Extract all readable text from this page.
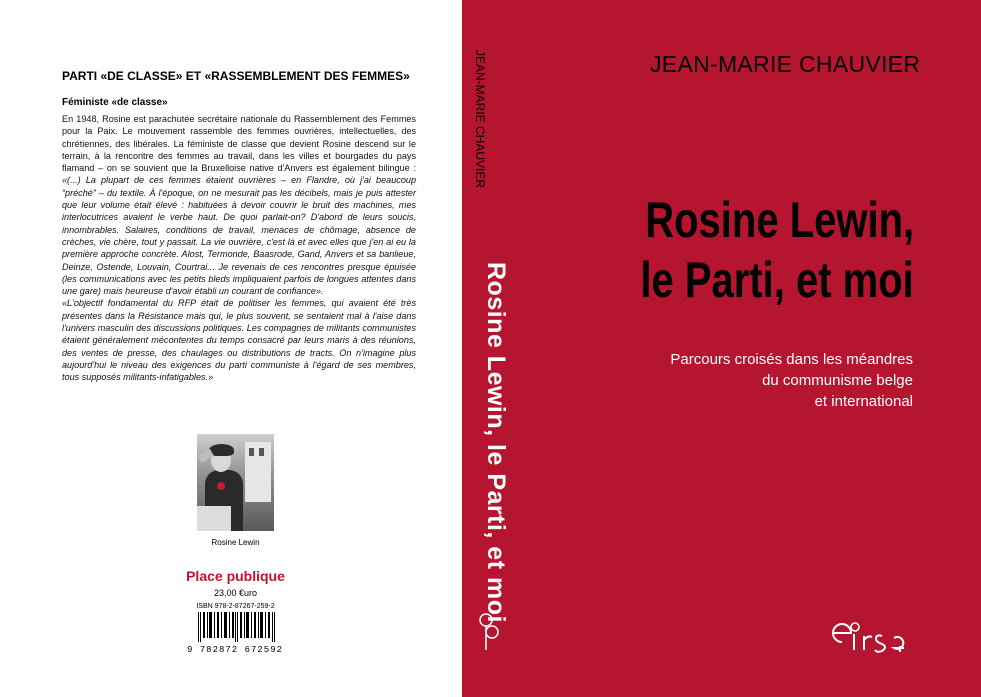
PARTI «DE CLASSE» ET «RASSEMBLEMENT DES FEMMES»
Féministe «de classe»

En 1948, Rosine est parachutée secrétaire nationale du Rassemblement des Femmes pour la Paix. Le mouvement rassemble des femmes ouvrières, intellectuelles, des chrétiennes, des libérales. La féministe de classe que devient Rosine descend sur le terrain, à la rencontre des femmes au travail, dans les villes et bourgades du pays flamand – on se souvient que la Bruxelloise native d'Anvers est également bilingue : «(...) La plupart de ces femmes étaient ouvrières – en Flandre, où j'ai beaucoup “préché” – du textile. À l'époque, on ne mesurait pas les décibels, mais je puis attester que leur volume était élevé : habituées à devoir couvrir le bruit des machines, mes interlocutrices avaient le verbe haut. De quoi parlait-on? D'abord de leurs soucis, innombrables. Salaires, conditions de travail, menaces de chômage, absence de crèches, vie chère, tout y passait. La vie ouvrière, c'est là et avec elles que j'en ai eu la première approche concrète. Alost, Termonde, Baasrode, Gand, Anvers et sa banlieue, Deinze, Ostende, Louvain, Courtrai... Je revenais de ces rencontres presque épuisée (les communications avec les petits bleds impliquaient parfois de longues attentes dans une gare) mais heureuse d'avoir établi un courant de confiance».

«L'objectif fondamental du RFP était de politiser les femmes, qui avaient été très présentes dans la Résistance mais qui, le plus souvent, se sentaient mal à l'aise dans l'univers masculin des discussions politiques. Les compagnes de militants communistes étaient généralement mécontentes du temps consacré par leurs maris à des réunions, des ventes de presse, des chaulages ou distributions de tracts. On n'imagine plus aujourd'hui le niveau des exigences du parti communiste à l'égard de ses membres, tous supposés militants-infatigables.»

Rosine Lewin
Place publique
23,00 €uro
ISBN 978-2-87267-259-2
9 782872 672592
JEAN-MARIE CHAUVIER
Rosine Lewin, le Parti, et moi
JEAN-MARIE CHAUVIER
Rosine Lewin,
le Parti, et moi
Parcours croisés dans les méandres
du communisme belge
et international
